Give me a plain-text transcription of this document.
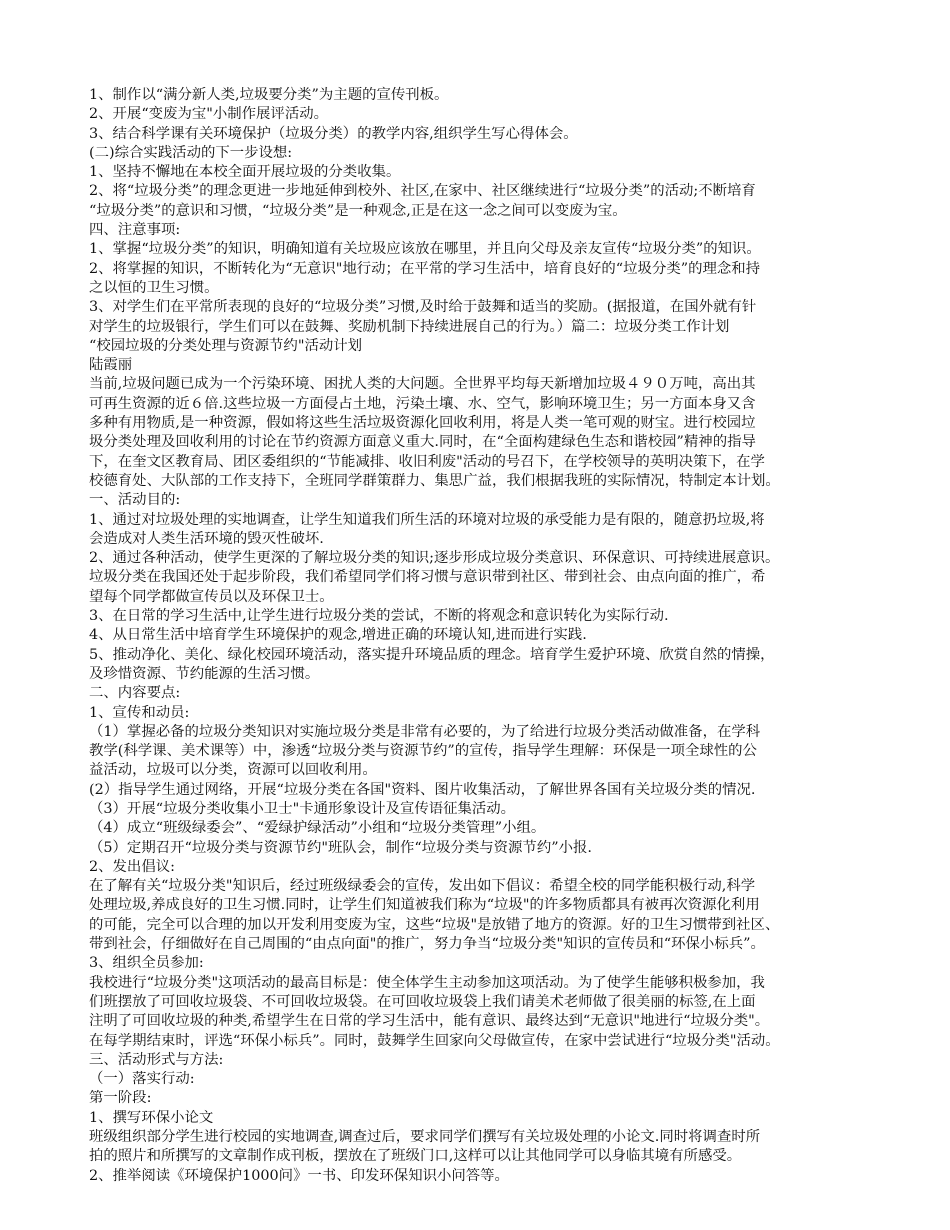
1、制作以“满分新人类,垃圾要分类”为主题的宣传刊板。
2、开展“变废为宝"小制作展评活动。
3、结合科学课有关环境保护（垃圾分类）的教学内容,组织学生写心得体会。
(二)综合实践活动的下一步设想:
1、坚持不懈地在本校全面开展垃圾的分类收集。
2、将“垃圾分类”的理念更进一步地延伸到校外、社区,在家中、社区继续进行“垃圾分类”的活动;不断培育
“垃圾分类”的意识和习惯，“垃圾分类”是一种观念,正是在这一念之间可以变废为宝。
四、注意事项:
1、掌握“垃圾分类”的知识，明确知道有关垃圾应该放在哪里，并且向父母及亲友宣传“垃圾分类”的知识。
2、将掌握的知识，不断转化为“无意识"地行动；在平常的学习生活中，培育良好的“垃圾分类”的理念和持
之以恒的卫生习惯。
3、对学生们在平常所表现的良好的“垃圾分类”习惯,及时给于鼓舞和适当的奖励。(据报道，在国外就有针
对学生的垃圾银行，学生们可以在鼓舞、奖励机制下持续进展自己的行为。）篇二：垃圾分类工作计划
“校园垃圾的分类处理与资源节约"活动计划
陆霞丽
当前,垃圾问题已成为一个污染环境、困扰人类的大问题。全世界平均每天新增加垃圾４９０万吨，高出其
可再生资源的近６倍.这些垃圾一方面侵占土地，污染土壤、水、空气，影响环境卫生；另一方面本身又含
多种有用物质,是一种资源，假如将这些生活垃圾资源化回收利用，将是人类一笔可观的财宝。进行校园垃
圾分类处理及回收利用的讨论在节约资源方面意义重大.同时，在“全面构建绿色生态和谐校园”精神的指导
下，在奎文区教育局、团区委组织的“节能减排、收旧利废"活动的号召下，在学校领导的英明决策下，在学
校德育处、大队部的工作支持下，全班同学群策群力、集思广益，我们根据我班的实际情况，特制定本计划。
一、活动目的:
1、通过对垃圾处理的实地调查，让学生知道我们所生活的环境对垃圾的承受能力是有限的，随意扔垃圾,将
会造成对人类生活环境的毁灭性破坏.
2、通过各种活动，使学生更深的了解垃圾分类的知识;逐步形成垃圾分类意识、环保意识、可持续进展意识。
垃圾分类在我国还处于起步阶段，我们希望同学们将习惯与意识带到社区、带到社会、由点向面的推广，希
望每个同学都做宣传员以及环保卫士。
3、在日常的学习生活中,让学生进行垃圾分类的尝试，不断的将观念和意识转化为实际行动.
4、从日常生活中培育学生环境保护的观念,增进正确的环境认知,进而进行实践.
5、推动净化、美化、绿化校园环境活动，落实提升环境品质的理念。培育学生爱护环境、欣赏自然的情操，
及珍惜资源、节约能源的生活习惯。
二、内容要点:
1、宣传和动员:
（1）掌握必备的垃圾分类知识对实施垃圾分类是非常有必要的，为了给进行垃圾分类活动做准备，在学科
教学(科学课、美术课等）中，渗透“垃圾分类与资源节约”的宣传，指导学生理解：环保是一项全球性的公
益活动，垃圾可以分类，资源可以回收利用。
(2）指导学生通过网络，开展“垃圾分类在各国"资料、图片收集活动，了解世界各国有关垃圾分类的情况.
（3）开展“垃圾分类收集小卫士"卡通形象设计及宣传语征集活动。
（4）成立“班级绿委会”、“爱绿护绿活动”小组和“垃圾分类管理”小组。
（5）定期召开“垃圾分类与资源节约"班队会，制作“垃圾分类与资源节约”小报.
2、发出倡议:
在了解有关“垃圾分类"知识后，经过班级绿委会的宣传，发出如下倡议：希望全校的同学能积极行动,科学
处理垃圾,养成良好的卫生习惯.同时，让学生们知道被我们称为“垃圾"的许多物质都具有被再次资源化利用
的可能，完全可以合理的加以开发利用变废为宝，这些“垃圾"是放错了地方的资源。好的卫生习惯带到社区、
带到社会，仔细做好在自己周围的“由点向面"的推广，努力争当“垃圾分类"知识的宣传员和“环保小标兵”。
3、组织全员参加:
我校进行“垃圾分类"这项活动的最高目标是：使全体学生主动参加这项活动。为了使学生能够积极参加，我
们班摆放了可回收垃圾袋、不可回收垃圾袋。在可回收垃圾袋上我们请美术老师做了很美丽的标签,在上面
注明了可回收垃圾的种类,希望学生在日常的学习生活中，能有意识、最终达到“无意识"地进行“垃圾分类"。
在每学期结束时，评选“环保小标兵”。同时，鼓舞学生回家向父母做宣传，在家中尝试进行“垃圾分类"活动。
三、活动形式与方法:
（一）落实行动:
第一阶段:
1、撰写环保小论文
班级组织部分学生进行校园的实地调查,调查过后，要求同学们撰写有关垃圾处理的小论文.同时将调查时所
拍的照片和所撰写的文章制作成刊板，摆放在了班级门口,这样可以让其他同学可以身临其境有所感受。
2、推举阅读《环境保护1000问》一书、印发环保知识小问答等。
